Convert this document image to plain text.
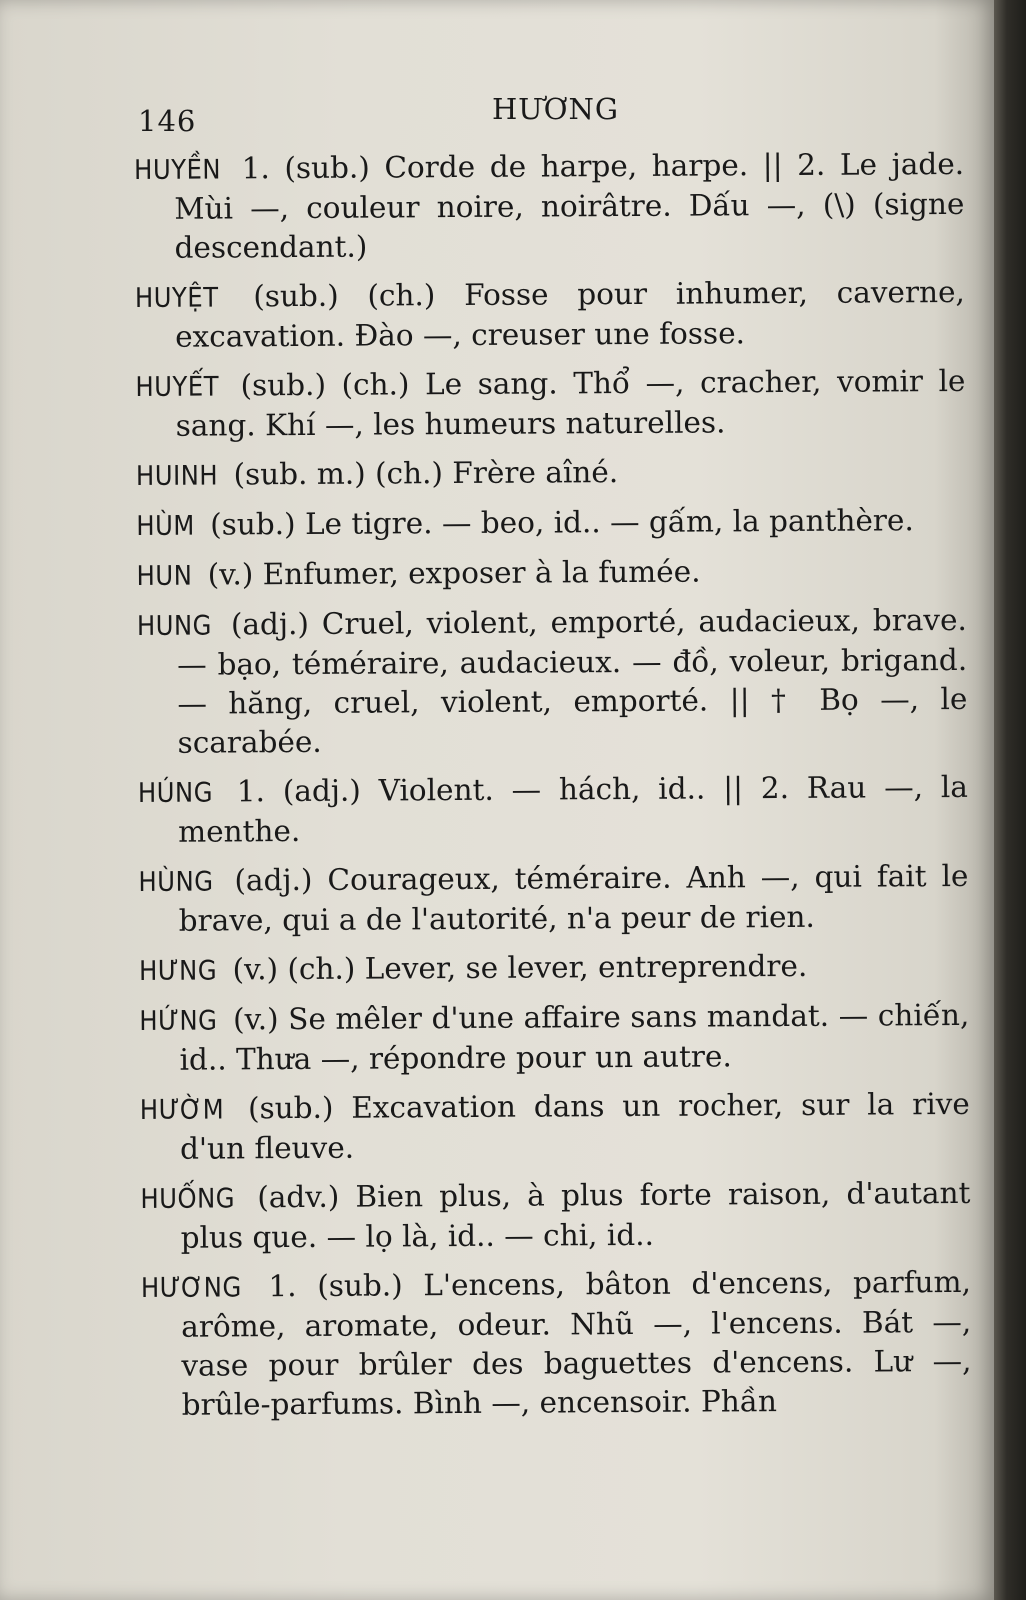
146	HƯƠNG

HUYỀN 1. (sub.) Corde de harpe, harpe. || 2. Le jade. Mùi —, couleur noire, noirâtre. Dấu —, (\) (signe descendant.)

HUYỆT (sub.) (ch.) Fosse pour inhumer, caverne, excavation. Đào —, creuser une fosse.

HUYẾT (sub.) (ch.) Le sang. Thổ —, cracher, vomir le sang. Khí —, les humeurs naturelles.

HUINH (sub. m.) (ch.) Frère aîné.

HÙM (sub.) Le tigre. — beo, id.. — gấm, la panthère.

HUN (v.) Enfumer, exposer à la fumée.

HUNG (adj.) Cruel, violent, emporté, audacieux, brave. — bạo, téméraire, audacieux. — đồ, voleur, brigand. — hăng, cruel, violent, emporté. || † Bọ —, le scarabée.

HÚNG 1. (adj.) Violent. — hách, id.. || 2. Rau —, la menthe.

HÙNG (adj.) Courageux, téméraire. Anh —, qui fait le brave, qui a de l'autorité, n'a peur de rien.

HƯNG (v.) (ch.) Lever, se lever, entreprendre.

HỨNG (v.) Se mêler d'une affaire sans mandat. — chiến, id.. Thưa —, répondre pour un autre.

HƯỜM (sub.) Excavation dans un rocher, sur la rive d'un fleuve.

HUỐNG (adv.) Bien plus, à plus forte raison, d'autant plus que. — lọ là, id.. — chi, id..

HƯƠNG 1. (sub.) L'encens, bâton d'encens, parfum, arôme, aromate, odeur. Nhũ —, l'encens. Bát —, vase pour brûler des baguettes d'encens. Lư —, brûle-parfums. Bình —, encensoir. Phần
